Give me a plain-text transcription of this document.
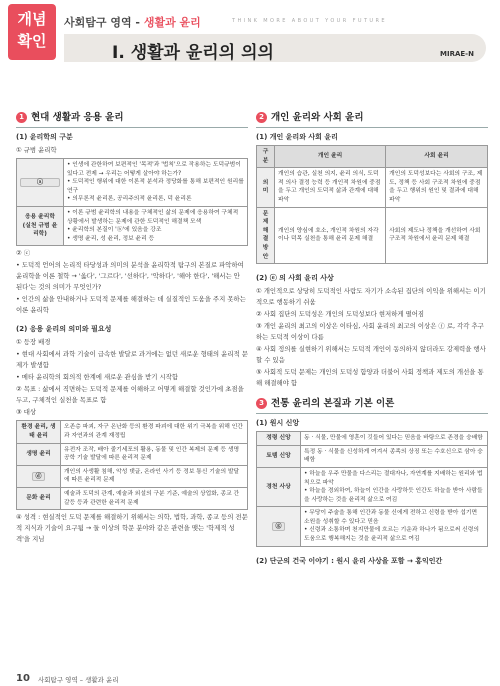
개념 확인
사회탐구 영역 - 생활과 윤리	THINK MORE ABOUT YOUR FUTURE
I. 생활과 윤리의 의의	MIRAE-N
1 현대 생활과 응용 윤리
(1) 윤리학의 구분
① 규범 윤리학
ⓐ	• 인생에 관한하여 보편적인 '목적'과 '법칙'으로 작용하는 도덕규범이 있다고 전제 → 우리는 어떻게 살아야 하는가?
• 도덕적인 행위에 대한 이론적 분석과 정당화를 통해 보편적인 원리를 연구
• 의무론적 윤리론, 공리주의적 윤리론, 덕 윤리론

응용 윤리학 (실천 규범 윤리학)	• 이론 규범 윤리학의 내용을 구체적인 삶의 문제에 응용하여 구체적 상황에서 발생하는 문제에 관한 도덕적인 해결책 모색
• 윤리학의 본질이 'ⓑ'에 있음을 강조
• 생명 윤리, 성 윤리, 정보 윤리 등
② ⓒ
• 도덕적 언어의 논리적 타당성과 의미의 분석을 윤리학적 탐구의 본질로 파악하여 윤리학을 이론 철학 → '옳다', '그르다', '선하다', '악하다', '해야 한다', '해서는 안 된다'는 것의 의미가 무엇인가?
• 인간의 삶을 안내하거나 도덕적 문제를 해결하는 데 실질적인 도움을 주지 못하는 이론 윤리학
(2) 응용 윤리의 의미와 필요성
① 등장 배경
• 현대 사회에서 과학 기술이 급속한 발달로 과거에는 없던 새로운 형태의 윤리적 문제가 발생함
• 메타 윤리학의 회의적 한계에 새로운 관심을 받기 시작함
② 목표 : 삶에서 직면하는 도덕적 문제를 이해하고 어떻게 해결할 것인가에 초점을 두고, 구체적인 실천을 목표로 함
③ 대상
환경 윤리, 생태 윤리	오존층 파괴, 자구 온난화 등의 환경 파괴에 대한 위기 극복을 위해 인간과 자연과의 관계 재정립
생명 윤리	유전자 조작, 배아 줄기세포의 활용, 동물 및 인간 복제의 문제 등 생명 공학 기술 발달에 따른 윤리적 문제
ⓓ	개인의 사생활 침해, 악성 댓글, 온라인 사기 등 정보 통신 기술의 발달에 따른 윤리적 문제
문화 윤리	예술과 도덕의 관계, 예술과 외설의 구분 기준, 예술의 상업화, 종교 간 갈등 등과 관련한 윤리적 문제
④ 성격 : 현실적인 도덕 문제를 해결하기 위해서는 의학, 법학, 과학, 종교 등의 전문적 지식과 기술이 요구됨 → 둘 이상의 학문 분야와 같은 관련을 맺는 '학제적 성격'을 지님
2 개인 윤리와 사회 윤리
(1) 개인 윤리와 사회 윤리
구분	개인 윤리	사회 윤리
의미	개인의 습관, 실천 의지, 윤리 의식, 도덕적 의사 결정 능력 등 개인적 차원에 중점을 두고 개인의 도덕적 삶과 관계에 대해 파악	개인의 도덕성보다는 사회의 구조, 제도, 정책 등 사회 구조적 차원에 중점을 두고 행위의 원인 및 결과에 대해 파악
문제 해결 방안	개인의 양심에 호소, 개인적 차원의 자각이나 덕목 실천을 통해 윤리 문제 해결	사회의 제도나 정책을 개선하여 사회 구조적 차원에서 윤리 문제 해결
(2) ⓔ 의 사회 윤리 사상
① 개인적으로 상당히 도덕적인 사람도 자기가 소속된 집단의 이익을 위해서는 이기적으로 행동하기 쉬움
② 사회 집단의 도덕성은 개인의 도덕성보다 현저하게 떨어짐
③ 개인 윤리의 최고의 이상은 이타심, 사회 윤리의 최고의 이상은 ⓕ 로, 각각 추구하는 도덕적 이상이 다름
④ 사회 정의를 실현하기 위해서는 도덕적 개인이 동의하지 않더라도 강제력을 행사할 수 있음
⑤ 사회적 도덕 문제는 개인의 도덕성 함양과 더불어 사회 정책과 제도의 개선을 통해 해결해야 함
3 전통 윤리의 본질과 기본 이론
(1) 원시 신앙
정령 신앙	동 · 식물, 만물에 영혼이 깃들어 있다는 믿음을 바탕으로 존경을 숭배함
토템 신앙	특정 동 · 식물을 신성하게 여겨서 종족의 상징 또는 수호신으로 삼아 숭배함
경천 사상	• 하늘을 우주 만물을 다스리는 절대자나, 자연계를 지배하는 원리와 법칙으로 파악
• 하늘을 경외하여, 하늘이 인간을 사랑하듯 인간도 하늘을 받아 사람들을 사랑하는 것을 윤리적 삶으로 여김
ⓖ	• 무당이 주술을 통해 인간과 동물 신에게 전하고 신령을 받아 섭기면 소원을 성취할 수 있다고 믿음
• 신령과 소통하며 천지만물에 흐르는 기운과 하나가 됨으로써 신령의 도움으로 행복해지는 것을 윤리적 삶으로 여김
(2) 단군의 건국 이야기 : 원시 윤리 사상을 포함 → 홍익인간
10 사회탐구 영역 – 생활과 윤리
